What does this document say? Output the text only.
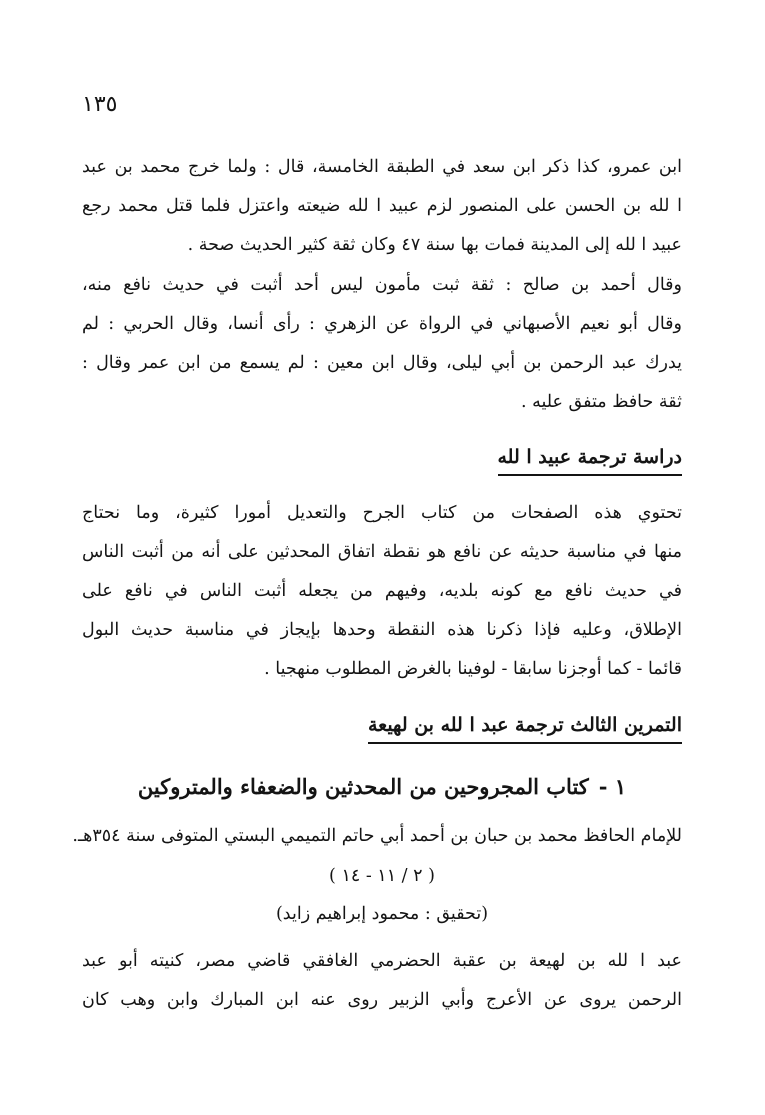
١٣٥
ابن عمرو، كذا ذكر ابن سعد في الطبقة الخامسة، قال : ولما خرج محمد بن عبد
ا لله بن الحسن على المنصور لزم عبيد ا لله ضيعته واعتزل فلما قتل محمد رجع
عبيد ا لله إلى المدينة فمات بها سنة ٤٧ وكان ثقة كثير الحديث صحة .
وقال أحمد بن صالح : ثقة ثبت مأمون ليس أحد أثبت في حديث نافع منه،
وقال أبو نعيم الأصبهاني في الرواة عن الزهري : رأى أنسا، وقال الحربي : لم
يدرك عبد الرحمن بن أبي ليلى، وقال ابن معين : لم يسمع من ابن عمر وقال :
ثقة حافظ متفق عليه .
دراسة ترجمة عبيد ا لله
تحتوي هذه الصفحات من كتاب الجرح والتعديل أمورا كثيرة، وما نحتاج
منها في مناسبة حديثه عن نافع هو نقطة اتفاق المحدثين على أنه من أثبت الناس
في حديث نافع مع كونه بلديه، وفيهم من يجعله أثبت الناس في نافع على
الإطلاق، وعليه فإذا ذكرنا هذه النقطة وحدها بإيجاز في مناسبة حديث البول
قائما - كما أوجزنا سابقا - لوفينا بالغرض المطلوب منهجيا .
التمرين الثالث ترجمة عبد ا لله بن لهيعة
١ -كتاب المجروحين من المحدثين والضعفاء والمتروكين
للإمام الحافظ محمد بن حبان بن أحمد أبي حاتم التميمي البستي المتوفى سنة ٣٥٤هـ.
( ٢ / ١١ - ١٤ )
(تحقيق : محمود إبراهيم زايد)
عبد ا لله بن لهيعة بن عقبة الحضرمي الغافقي قاضي مصر، كنيته أبو عبد
الرحمن يروى عن الأعرج وأبي الزبير روى عنه ابن المبارك وابن وهب كان
